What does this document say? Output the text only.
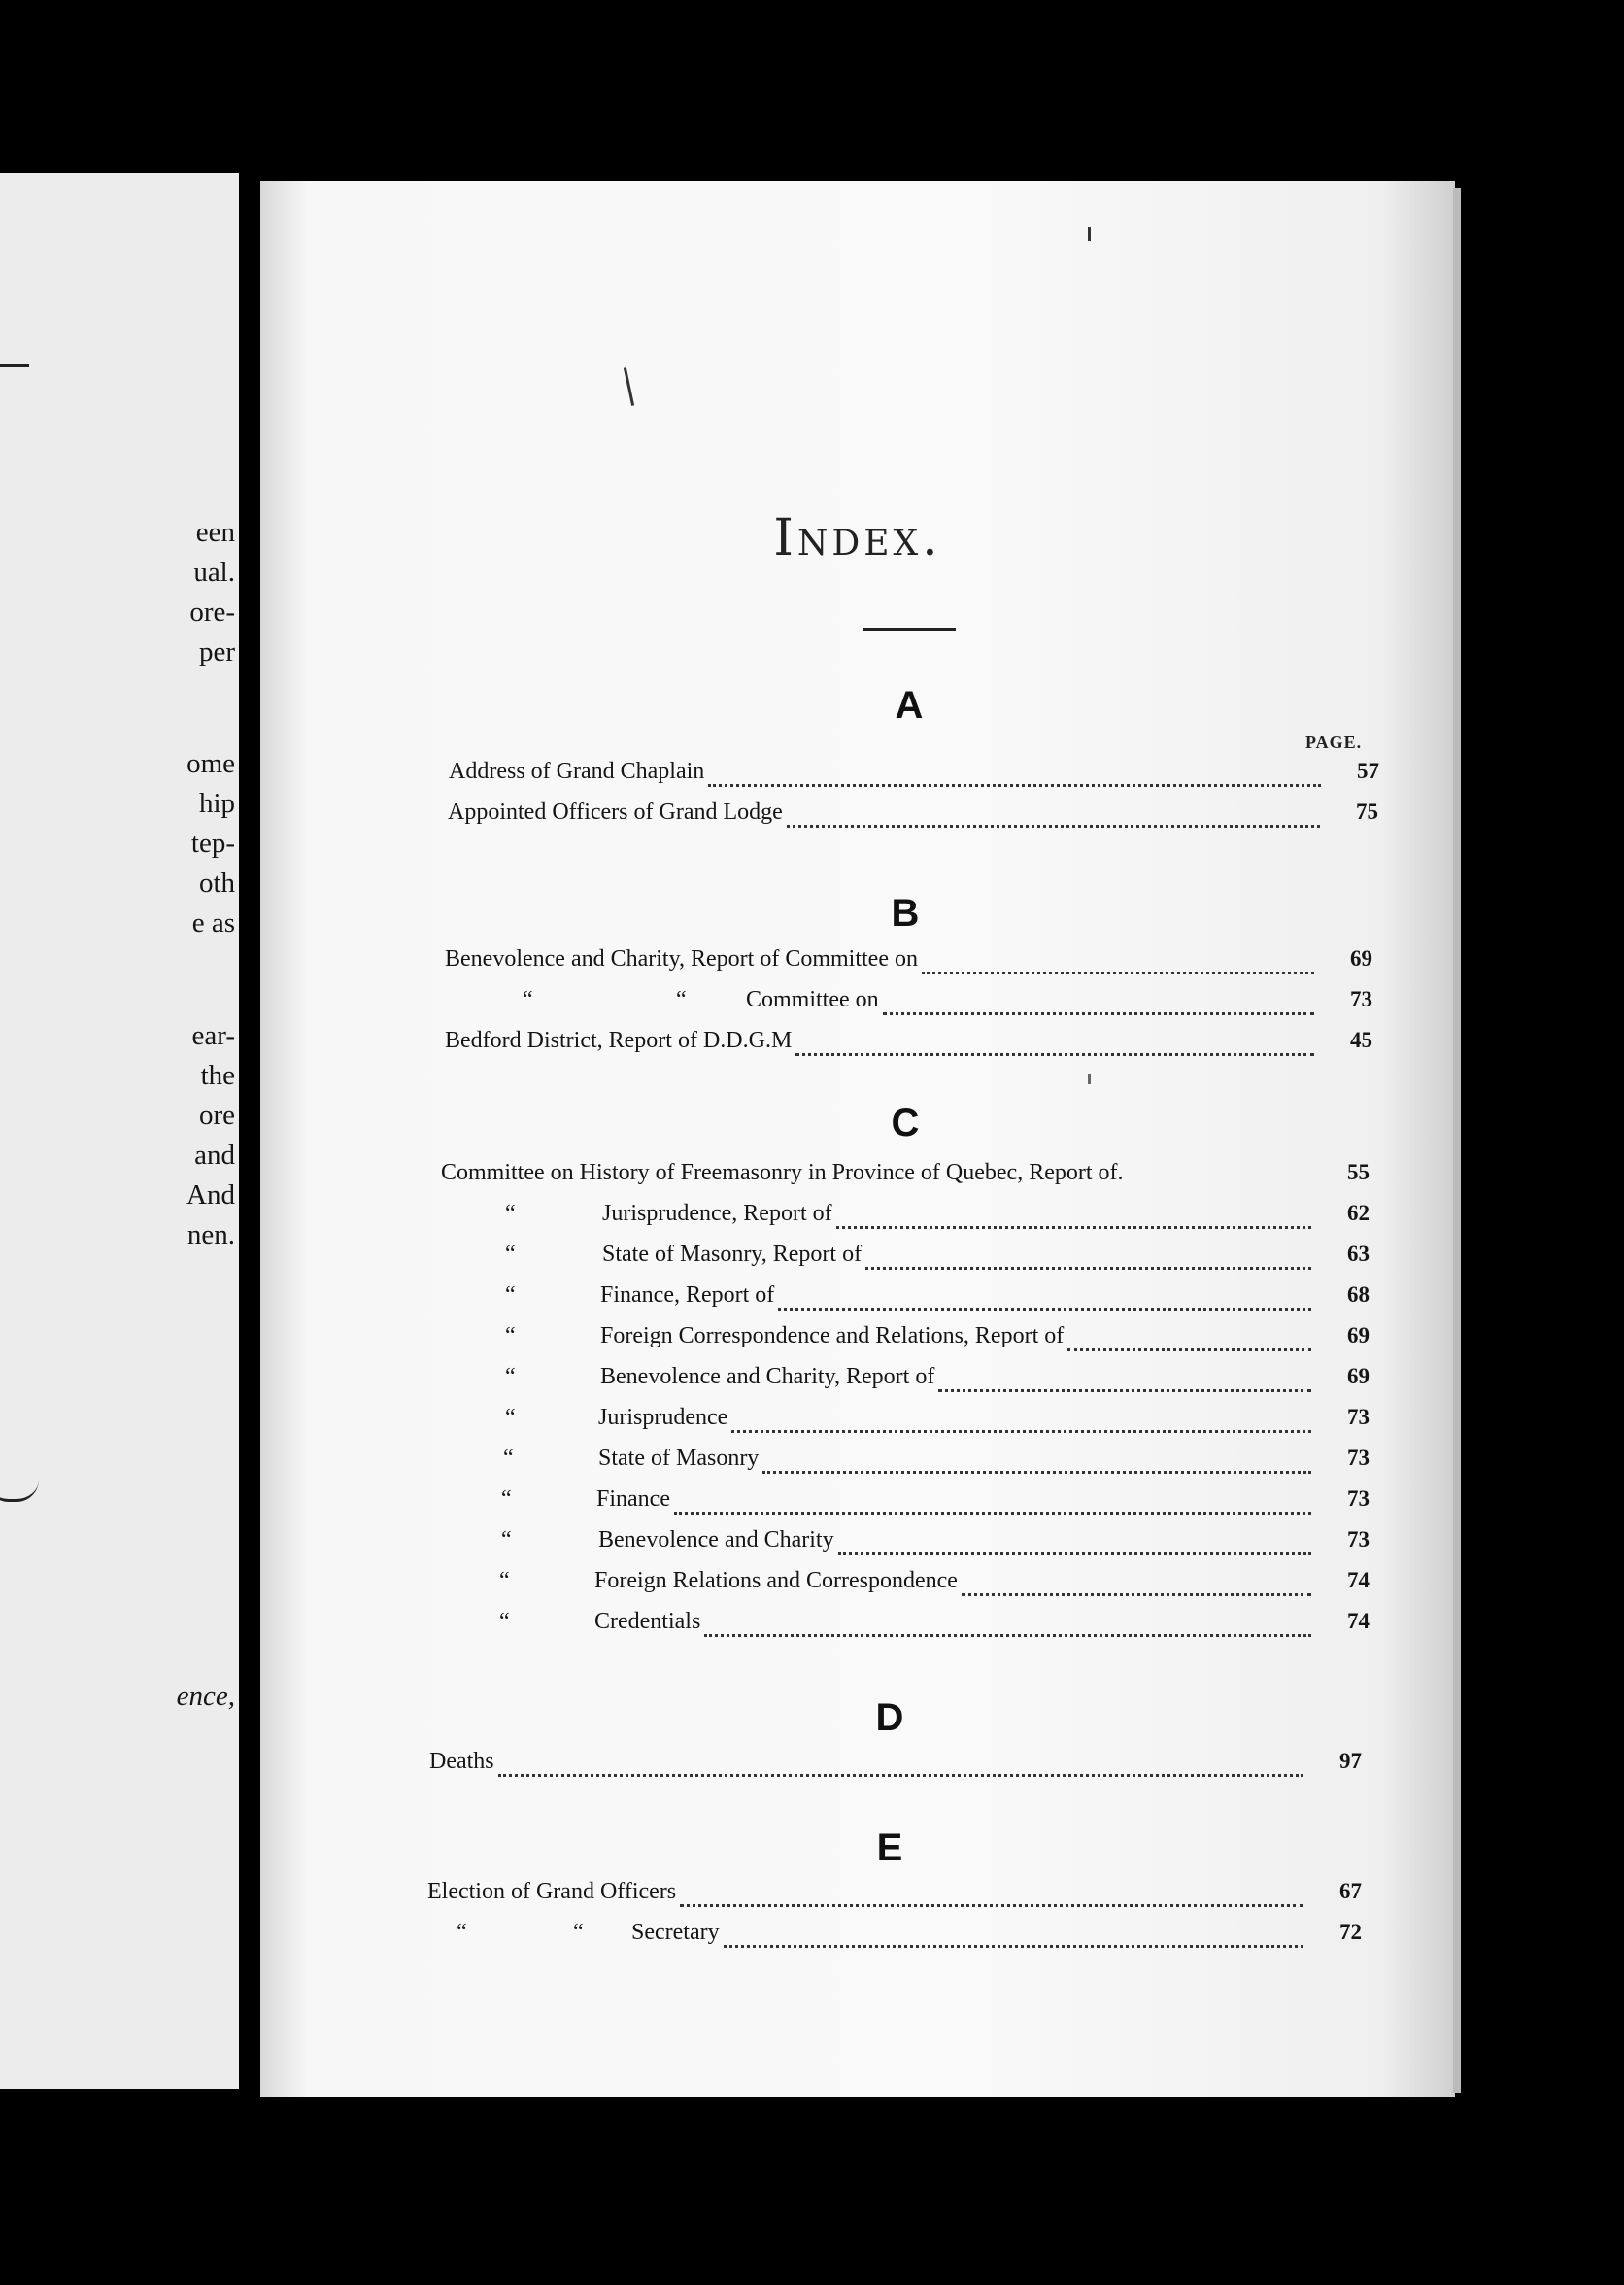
een
ual.
ore-
per
ome
hip
tep-
oth
e as
ear-
the
ore
and
And
nen.
ence,
Index.
PAGE.
A
Address of Grand Chaplain	57
Appointed Officers of Grand Lodge	75
B
Benevolence and Charity, Report of Committee on	69
“	“	Committee on	73
Bedford District, Report of D.D.G.M	45
C
Committee on History of Freemasonry in Province of Quebec, Report of.	55
“	Jurisprudence, Report of	62
“	State of Masonry, Report of	63
“	Finance, Report of	68
“	Foreign Correspondence and Relations, Report of	69
“	Benevolence and Charity, Report of	69
“	Jurisprudence	73
“	State of Masonry	73
“	Finance	73
“	Benevolence and Charity	73
“	Foreign Relations and Correspondence	74
“	Credentials	74
D
Deaths	97
E
Election of Grand Officers	67
“	“	Secretary	72
